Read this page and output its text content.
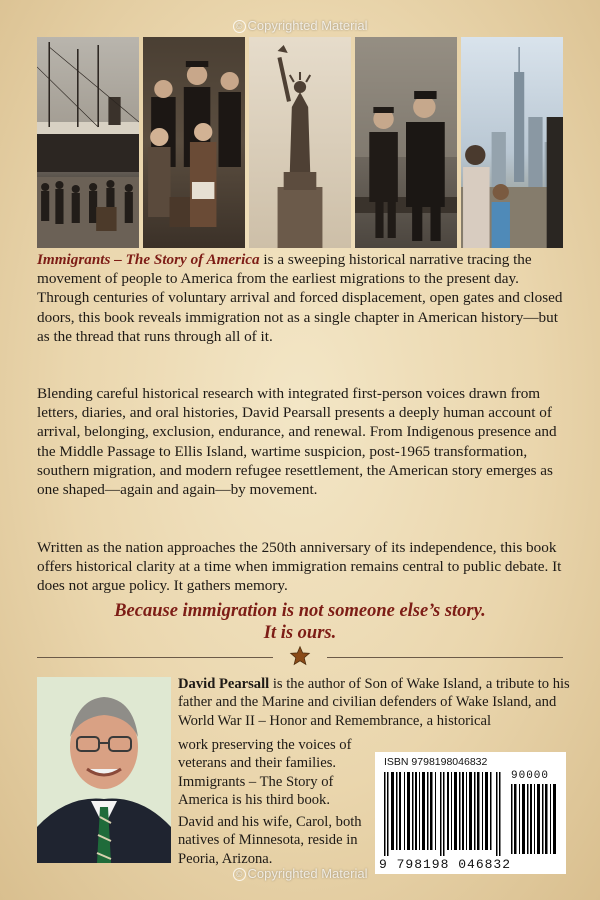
© Copyrighted Material

Immigrants – The Story of America is a sweeping historical narrative tracing the movement of people to America from the earliest migrations to the present day. Through centuries of voluntary arrival and forced displacement, open gates and closed doors, this book reveals immigration not as a single chapter in American history—but as the thread that runs through all of it.

Blending careful historical research with integrated first-person voices drawn from letters, diaries, and oral histories, David Pearsall presents a deeply human account of arrival, belonging, exclusion, endurance, and renewal. From Indigenous presence and the Middle Passage to Ellis Island, wartime suspicion, post-1965 transformation, southern migration, and modern refugee resettlement, the American story emerges as one shaped—again and again—by movement.

Written as the nation approaches the 250th anniversary of its independence, this book offers historical clarity at a time when immigration remains central to public debate. It does not argue policy. It gathers memory.

Because immigration is not someone else’s story.

It is ours.

David Pearsall is the author of Son of Wake Island, a tribute to his father and the Marine and civilian defenders of Wake Island, and World War II – Honor and Remembrance, a historical

work preserving the voices of veterans and their families. Immigrants – The Story of America is his third book.

David and his wife, Carol, both natives of Minnesota, reside in Peoria, Arizona.

ISBN 9798198046832
9 798198 046832
90000
© Copyrighted Material
